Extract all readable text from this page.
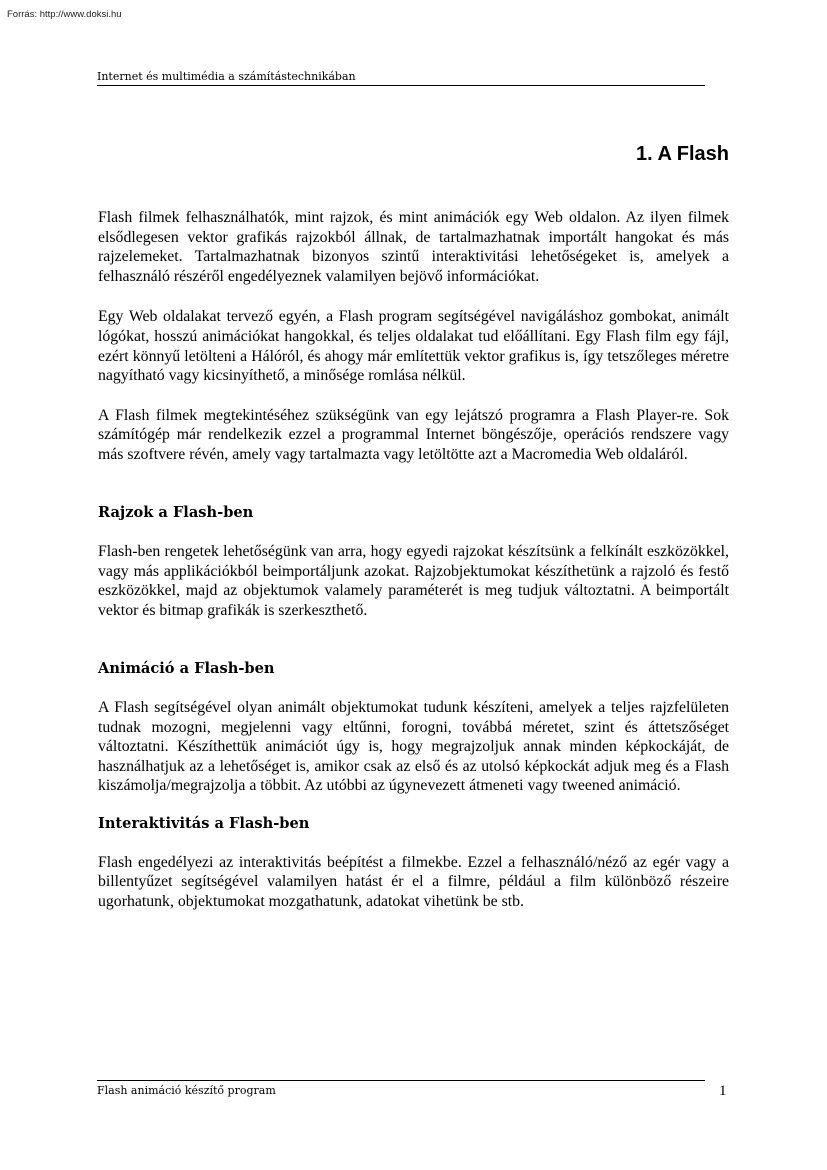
Forrás: http://www.doksi.hu
Internet és multimédia a számítástechnikában
1. A Flash

Flash filmek felhasználhatók, mint rajzok, és mint animációk egy Web oldalon. Az ilyen filmek elsődlegesen vektor grafikás rajzokból állnak, de tartalmazhatnak importált hangokat és más rajzelemeket. Tartalmazhatnak bizonyos szintű interaktivitási lehetőségeket is, amelyek a felhasználó részéről engedélyeznek valamilyen bejövő információkat.

Egy Web oldalakat tervező egyén, a Flash program segítségével navigáláshoz gombokat, animált lógókat, hosszú animációkat hangokkal, és teljes oldalakat tud előállítani. Egy Flash film egy fájl, ezért könnyű letölteni a Hálóról, és ahogy már említettük vektor grafikus is, így tetszőleges méretre nagyítható vagy kicsinyíthető, a minősége romlása nélkül.

A Flash filmek megtekintéséhez szükségünk van egy lejátszó programra a Flash Player-re. Sok számítógép már rendelkezik ezzel a programmal Internet böngészője, operációs rendszere vagy más szoftvere révén, amely vagy tartalmazta vagy letöltötte azt a Macromedia Web oldaláról.

Rajzok a Flash-ben

Flash-ben rengetek lehetőségünk van arra, hogy egyedi rajzokat készítsünk a felkínált eszközökkel, vagy más applikációkból beimportáljunk azokat. Rajzobjektumokat készíthetünk a rajzoló és festő eszközökkel, majd az objektumok valamely paraméterét is meg tudjuk változtatni. A beimportált vektor és bitmap grafikák is szerkeszthető.

Animáció a Flash-ben

A Flash segítségével olyan animált objektumokat tudunk készíteni, amelyek a teljes rajzfelületen tudnak mozogni, megjelenni vagy eltűnni, forogni, továbbá méretet, szint és áttetszőséget változtatni. Készíthettük animációt úgy is, hogy megrajzoljuk annak minden képkockáját, de használhatjuk az a lehetőséget is, amikor csak az első és az utolsó képkockát adjuk meg és a Flash kiszámolja/megrajzolja a többit. Az utóbbi az úgynevezett átmeneti vagy tweened animáció.

Interaktivitás a Flash-ben

Flash engedélyezi az interaktivitás beépítést a filmekbe. Ezzel a felhasználó/néző az egér vagy a billentyűzet segítségével valamilyen hatást ér el a filmre, például a film különböző részeire ugorhatunk, objektumokat mozgathatunk, adatokat vihetünk be stb.

Flash animáció készítő program	1
